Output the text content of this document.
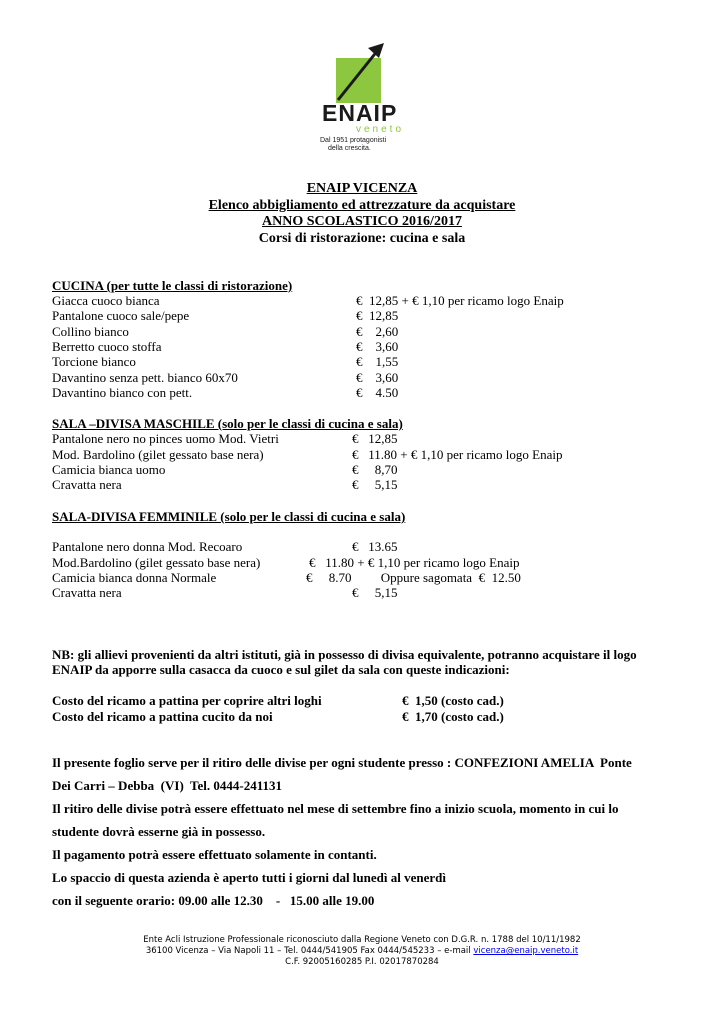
ENAIP
veneto
Dal 1951 protagonisti
della crescita.
ENAIP VICENZA
Elenco abbigliamento ed attrezzature da acquistare
ANNO SCOLASTICO 2016/2017
Corsi di ristorazione: cucina e sala
CUCINA (per tutte le classi di ristorazione)
Giacca cuoco bianca	€  12,85 + € 1,10 per ricamo logo Enaip
Pantalone cuoco sale/pepe	€  12,85
Collino bianco	€    2,60
Berretto cuoco stoffa	€    3,60
Torcione bianco	€    1,55
Davantino senza pett. bianco 60x70	€    3,60
Davantino bianco con pett.	€    4.50
SALA –DIVISA MASCHILE (solo per le classi di cucina e sala)
Pantalone nero no pinces uomo Mod. Vietri	€   12,85
Mod. Bardolino (gilet gessato base nera)	€   11.80 + € 1,10 per ricamo logo Enaip
Camicia bianca uomo	€     8,70
Cravatta nera	€     5,15
SALA-DIVISA FEMMINILE (solo per le classi di cucina e sala)
Pantalone nero donna Mod. Recoaro	€   13.65
Mod.Bardolino (gilet gessato base nera)	€   11.80 + € 1,10 per ricamo logo Enaip
Camicia bianca donna Normale	€     8.70         Oppure sagomata  €  12.50
Cravatta nera	€     5,15
NB: gli allievi provenienti da altri istituti, già in possesso di divisa equivalente, potranno acquistare il logo
ENAIP da apporre sulla casacca da cuoco e sul gilet da sala con queste indicazioni:
Costo del ricamo a pattina per coprire altri loghi	€  1,50 (costo cad.)
Costo del ricamo a pattina cucito da noi	€  1,70 (costo cad.)
Il presente foglio serve per il ritiro delle divise per ogni studente presso : CONFEZIONI AMELIA  Ponte
Dei Carri – Debba  (VI)  Tel. 0444-241131
Il ritiro delle divise potrà essere effettuato nel mese di settembre fino a inizio scuola, momento in cui lo
studente dovrà esserne già in possesso.
Il pagamento potrà essere effettuato solamente in contanti.
Lo spaccio di questa azienda è aperto tutti i giorni dal lunedì al venerdì
con il seguente orario: 09.00 alle 12.30    -   15.00 alle 19.00
Ente Acli Istruzione Professionale riconosciuto dalla Regione Veneto con D.G.R. n. 1788 del 10/11/1982
36100 Vicenza – Via Napoli 11 – Tel. 0444/541905 Fax 0444/545233 – e-mail vicenza@enaip.veneto.it
C.F. 92005160285 P.I. 02017870284
